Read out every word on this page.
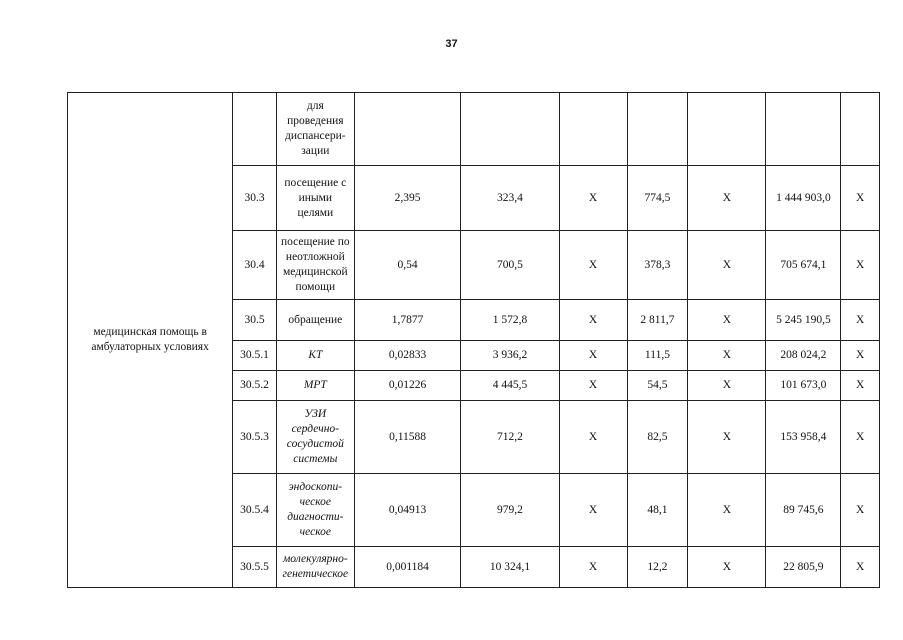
37
медицинская помощь в амбулаторных условиях		для проведения диспансери-зации							
	30.3	посещение с иными целями	2,395	323,4	X	774,5	X	1 444 903,0	X
	30.4	посещение по неотложной медицинской помощи	0,54	700,5	X	378,3	X	705 674,1	X
	30.5	обращение	1,7877	1 572,8	X	2 811,7	X	5 245 190,5	X
	30.5.1	КТ	0,02833	3 936,2	X	111,5	X	208 024,2	X
	30.5.2	МРТ	0,01226	4 445,5	X	54,5	X	101 673,0	X
	30.5.3	УЗИ сердечно-сосудистой системы	0,11588	712,2	X	82,5	X	153 958,4	X
	30.5.4	эндоскопи-ческое диагности-ческое	0,04913	979,2	X	48,1	X	89 745,6	X
	30.5.5	молекулярно-генетическое	0,001184	10 324,1	X	12,2	X	22 805,9	X
